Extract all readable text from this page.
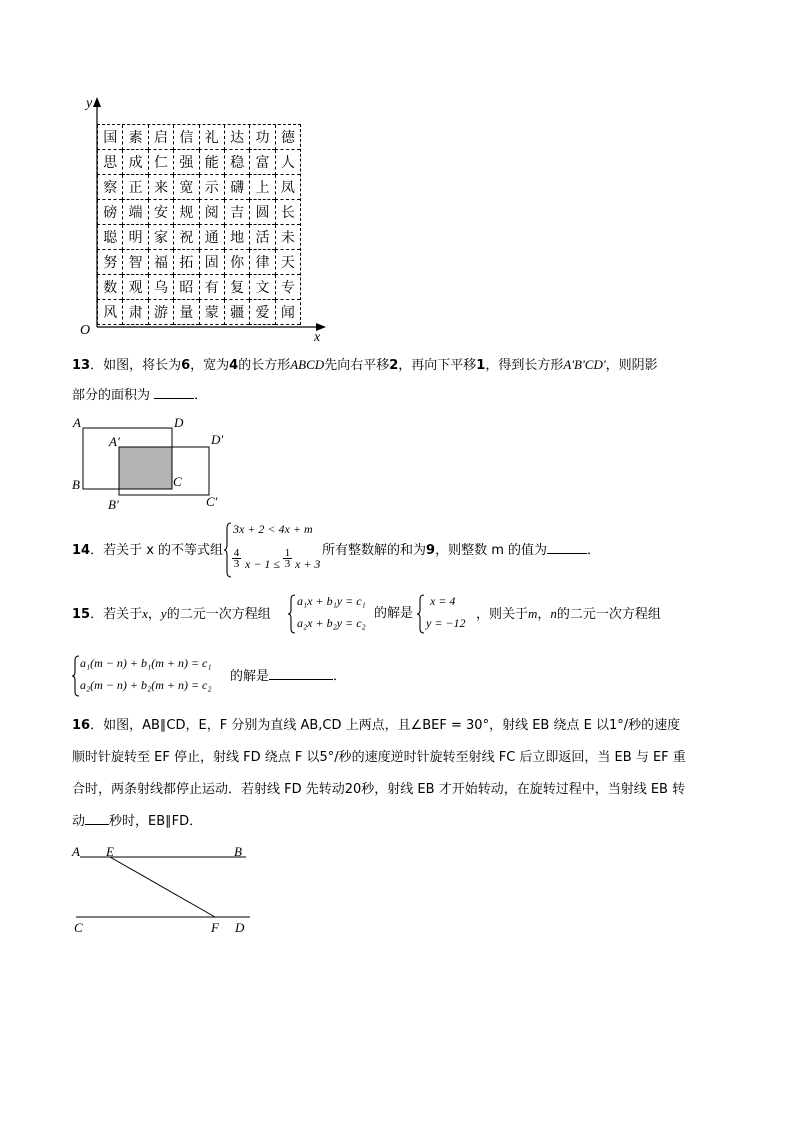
y
x
O
国 素 启 信 礼 达 功 德
思 成 仁 强 能 稳 富 人
察 正 来 宽 示 礴 上 凤
磅 端 安 规 阅 吉 圆 长
聪 明 家 祝 通 地 活 未
努 智 福 拓 固 你 律 天
数 观 乌 昭 有 复 文 专
风 肃 游 量 蒙 疆 爱 闻
13．如图，将长为6，宽为4的长方形ABCD先向右平移2，再向下平移1，得到长方形A'B'CD'，则阴影
部分的面积为	．
A	D
A′	D′
B	C
B′	C′
14．若关于 x 的不等式组
3x + 2 < 4x + m
4
3 x − 1 ≤
1
3 x + 3
所有整数解的和为9，则整数 m 的值为	．
15．若关于x，y的二元一次方程组
a₁x + b₁y = c₁
a₂x + b₂y = c₂
的解是
x = 4
y = −12
，则关于m，n的二元一次方程组
a₁(m − n) + b₁(m + n) = c₁
a₂(m − n) + b₂(m + n) = c₂
的解是	．
16．如图，AB∥CD，E，F 分别为直线 AB,CD 上两点，且∠BEF = 30°，射线 EB 绕点 E 以1°/秒的速度
顺时针旋转至 EF 停止，射线 FD 绕点 F 以5°/秒的速度逆时针旋转至射线 FC 后立即返回，当 EB 与 EF 重
合时，两条射线都停止运动．若射线 FD 先转动20秒，射线 EB 才开始转动，在旋转过程中，当射线 EB 转
动 秒时，EB∥FD．
A E	B
C	F D
